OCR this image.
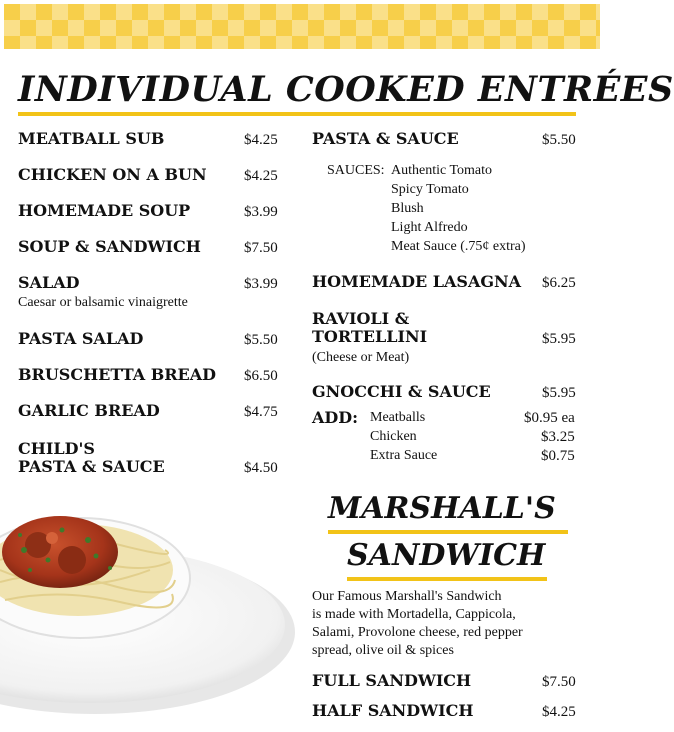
INDIVIDUAL COOKED ENTRÉES
MEATBALL SUB	$4.25
CHICKEN ON A BUN $4.25
HOMEMADE SOUP	$3.99
SOUP & SANDWICH	$7.50
SALAD	$3.99
Caesar or balsamic vinaigrette
PASTA SALAD	$5.50
BRUSCHETTA BREAD $6.50
GARLIC BREAD	$4.75
CHILD'S
PASTA & SAUCE	$4.50
PASTA & SAUCE	$5.50
SAUCES: Authentic Tomato
Spicy Tomato
Blush
Light Alfredo
Meat Sauce (.75¢ extra)
HOMEMADE LASAGNA $6.25
RAVIOLI &
TORTELLINI	$5.95
(Cheese or Meat)
GNOCCHI & SAUCE	$5.95
ADD: Meatballs	$0.95 ea
Chicken	$3.25
Extra Sauce	$0.75
MARSHALL'S
SANDWICH
Our Famous Marshall's Sandwich
is made with Mortadella, Cappicola,
Salami, Provolone cheese, red pepper
spread, olive oil & spices
FULL SANDWICH	$7.50
HALF SANDWICH	$4.25
